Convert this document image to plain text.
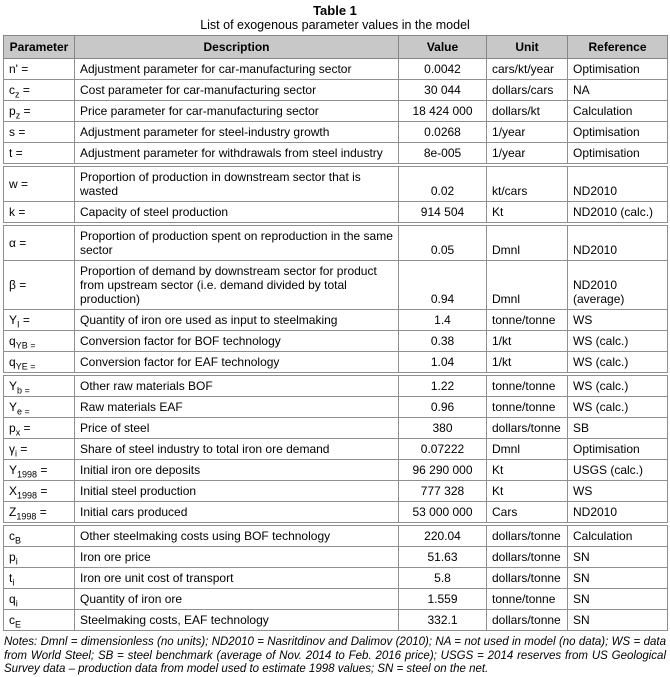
Table 1
List of exogenous parameter values in the model
Parameter	Description	Value	Unit	Reference
n' =	Adjustment parameter for car-manufacturing sector	0.0042	cars/kt/year	Optimisation
$c_z$ =	Cost parameter for car-manufacturing sector	30 044	dollars/cars	NA
$p_z$ =	Price parameter for car-manufacturing sector	18 424 000	dollars/kt	Calculation
s =	Adjustment parameter for steel-industry growth	0.0268	1/year	Optimisation
t =	Adjustment parameter for withdrawals from steel industry	8e-005	1/year	Optimisation
w =	Proportion of production in downstream sector that is wasted	0.02	kt/cars	ND2010
k =	Capacity of steel production	914 504	Kt	ND2010 (calc.)
α =	Proportion of production spent on reproduction in the same sector	0.05	Dmnl	ND2010
β =	Proportion of demand by downstream sector for product from upstream sector (i.e. demand divided by total production)	0.94	Dmnl	ND2010 (average)
$Y_I$ =	Quantity of iron ore used as input to steelmaking	1.4	tonne/tonne	WS
$q_{YB =}$	Conversion factor for BOF technology	0.38	1/kt	WS (calc.)
$q_{YE =}$	Conversion factor for EAF technology	1.04	1/kt	WS (calc.)
$Y_{b =}$	Other raw materials BOF	1.22	tonne/tonne	WS (calc.)
$Y_{e =}$	Raw materials EAF	0.96	tonne/tonne	WS (calc.)
$p_x$ =	Price of steel	380	dollars/tonne	SB
$\gamma_i$ =	Share of steel industry to total iron ore demand	0.07222	Dmnl	Optimisation
$Y_{1998}$ =	Initial iron ore deposits	96 290 000	Kt	USGS (calc.)
$X_{1998}$ =	Initial steel production	777 328	Kt	WS
$Z_{1998}$ =	Initial cars produced	53 000 000	Cars	ND2010
$c_B$	Other steelmaking costs using BOF technology	220.04	dollars/tonne	Calculation
$p_i$	Iron ore price	51.63	dollars/tonne	SN
$t_i$	Iron ore unit cost of transport	5.8	dollars/tonne	SN
$q_i$	Quantity of iron ore	1.559	tonne/tonne	SN
$c_E$	Steelmaking costs, EAF technology	332.1	dollars/tonne	SN

Notes: Dmnl = dimensionless (no units); ND2010 = Nasritdinov and Dalimov (2010); NA = not used in model (no data); WS = data from World Steel; SB = steel benchmark (average of Nov. 2014 to Feb. 2016 price); USGS = 2014 reserves from US Geological Survey data – production data from model used to estimate 1998 values; SN = steel on the net.
